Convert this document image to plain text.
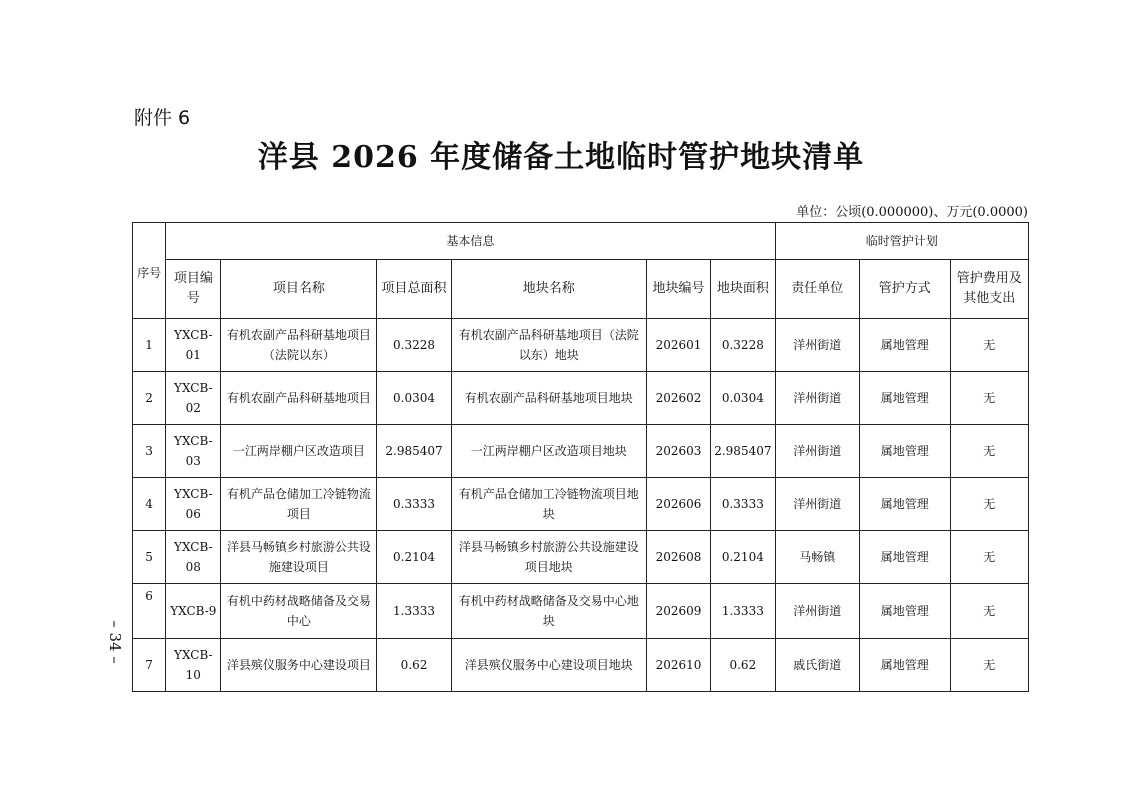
附件 6
洋县 2026 年度储备土地临时管护地块清单
单位：公顷(0.000000)、万元(0.0000)
– 34 –
序号	基本信息						临时管护计划		
	项目编号	项目名称	项目总面积	地块名称	地块编号	地块面积	责任单位	管护方式	管护费用及其他支出
1	YXCB-01	有机农副产品科研基地项目（法院以东）	0.3228	有机农副产品科研基地项目（法院以东）地块	202601	0.3228	洋州街道	属地管理	无
2	YXCB-02	有机农副产品科研基地项目	0.0304	有机农副产品科研基地项目地块	202602	0.0304	洋州街道	属地管理	无
3	YXCB-03	一江两岸棚户区改造项目	2.985407	一江两岸棚户区改造项目地块	202603	2.985407	洋州街道	属地管理	无
4	YXCB-06	有机产品仓储加工冷链物流项目	0.3333	有机产品仓储加工冷链物流项目地块	202606	0.3333	洋州街道	属地管理	无
5	YXCB-08	洋县马畅镇乡村旅游公共设施建设项目	0.2104	洋县马畅镇乡村旅游公共设施建设项目地块	202608	0.2104	马畅镇	属地管理	无
6	YXCB-9	有机中药材战略储备及交易中心	1.3333	有机中药材战略储备及交易中心地块	202609	1.3333	洋州街道	属地管理	无
7	YXCB-10	洋县殡仪服务中心建设项目	0.62	洋县殡仪服务中心建设项目地块	202610	0.62	戚氏街道	属地管理	无
